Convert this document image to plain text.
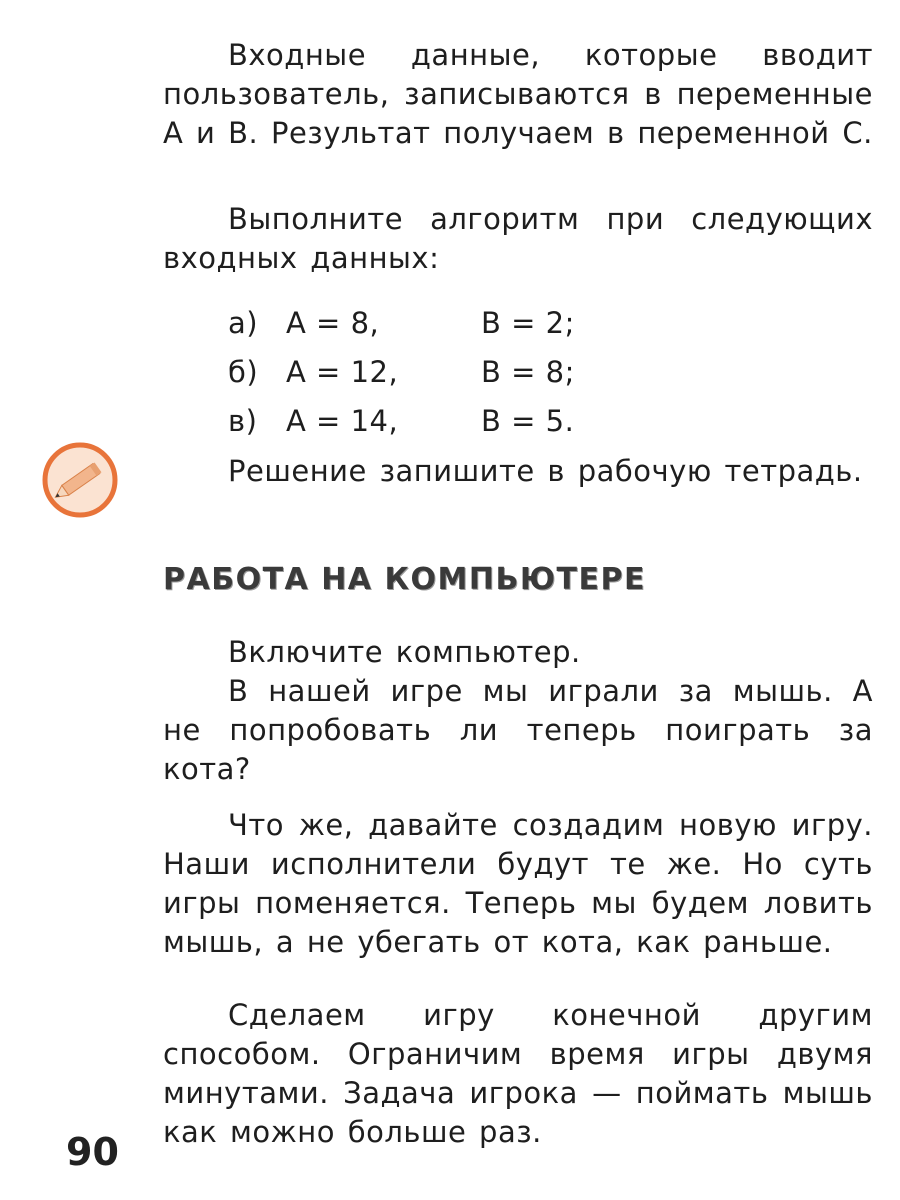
Входные данные, которые вводит пользователь, записываются в переменные A и B. Результат получаем в переменной C.

Выполните алгоритм при следующих входных данных:

а) A = 8,	B = 2;
б) A = 12,	B = 8;
в) A = 14,	B = 5.

Решение запишите в рабочую тетрадь.

РАБОТА НА КОМПЬЮТЕРЕ

Включите компьютер.

В нашей игре мы играли за мышь. А не попробовать ли теперь поиграть за кота?

Что же, давайте создадим новую игру. Наши исполнители будут те же. Но суть игры поменяется. Теперь мы будем ловить мышь, а не убегать от кота, как раньше.

Сделаем игру конечной другим способом. Ограничим время игры двумя минутами. Задача игрока — поймать мышь как можно больше раз.

90
